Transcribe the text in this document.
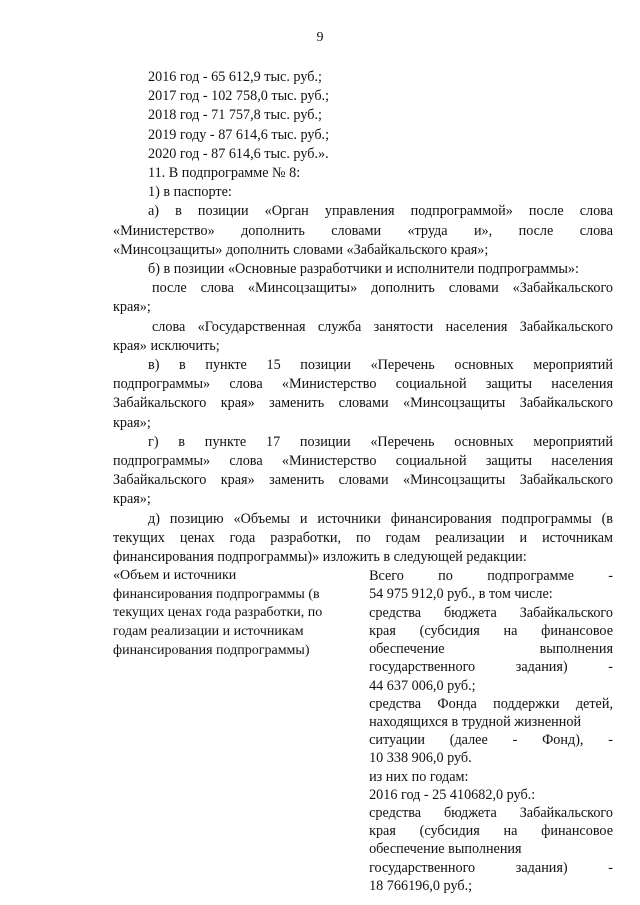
9

2016 год - 65 612,9 тыс. руб.;

2017 год - 102 758,0 тыс. руб.;

2018 год - 71 757,8 тыс. руб.;

2019 году - 87 614,6 тыс. руб.;

2020 год - 87 614,6 тыс. руб.».

11. В подпрограмме № 8:

1) в паспорте:

а) в позиции «Орган управления подпрограммой» после слова

«Министерство» дополнить словами «труда и», после слова

«Минсоцзащиты» дополнить словами «Забайкальского края»;

б) в позиции «Основные разработчики и исполнители подпрограммы»:

после слова «Минсоцзащиты» дополнить словами «Забайкальского

края»;

слова «Государственная служба занятости населения Забайкальского

края» исключить;

в) в пункте 15 позиции «Перечень основных мероприятий

подпрограммы» слова «Министерство социальной защиты населения

Забайкальского края» заменить словами «Минсоцзащиты Забайкальского

края»;

г) в пункте 17 позиции «Перечень основных мероприятий

подпрограммы» слова «Министерство социальной защиты населения

Забайкальского края» заменить словами «Минсоцзащиты Забайкальского

края»;

д) позицию «Объемы и источники финансирования подпрограммы (в

текущих ценах года разработки, по годам реализации и источникам

финансирования подпрограммы)» изложить в следующей редакции:

«Объем и источники

финансирования подпрограммы (в

текущих ценах года разработки, по

годам реализации и источникам

финансирования подпрограммы)

Всего по подпрограмме -

54 975 912,0 руб., в том числе:

средства бюджета Забайкальского

края (субсидия на финансовое

обеспечение выполнения

государственного задания) -

44 637 006,0 руб.;

средства Фонда поддержки детей,

находящихся в трудной жизненной

ситуации (далее - Фонд), -

10 338 906,0 руб.

из них по годам:

2016 год - 25 410682,0 руб.:

средства бюджета Забайкальского

края (субсидия на финансовое

обеспечение выполнения

государственного задания) -

18 766196,0 руб.;
